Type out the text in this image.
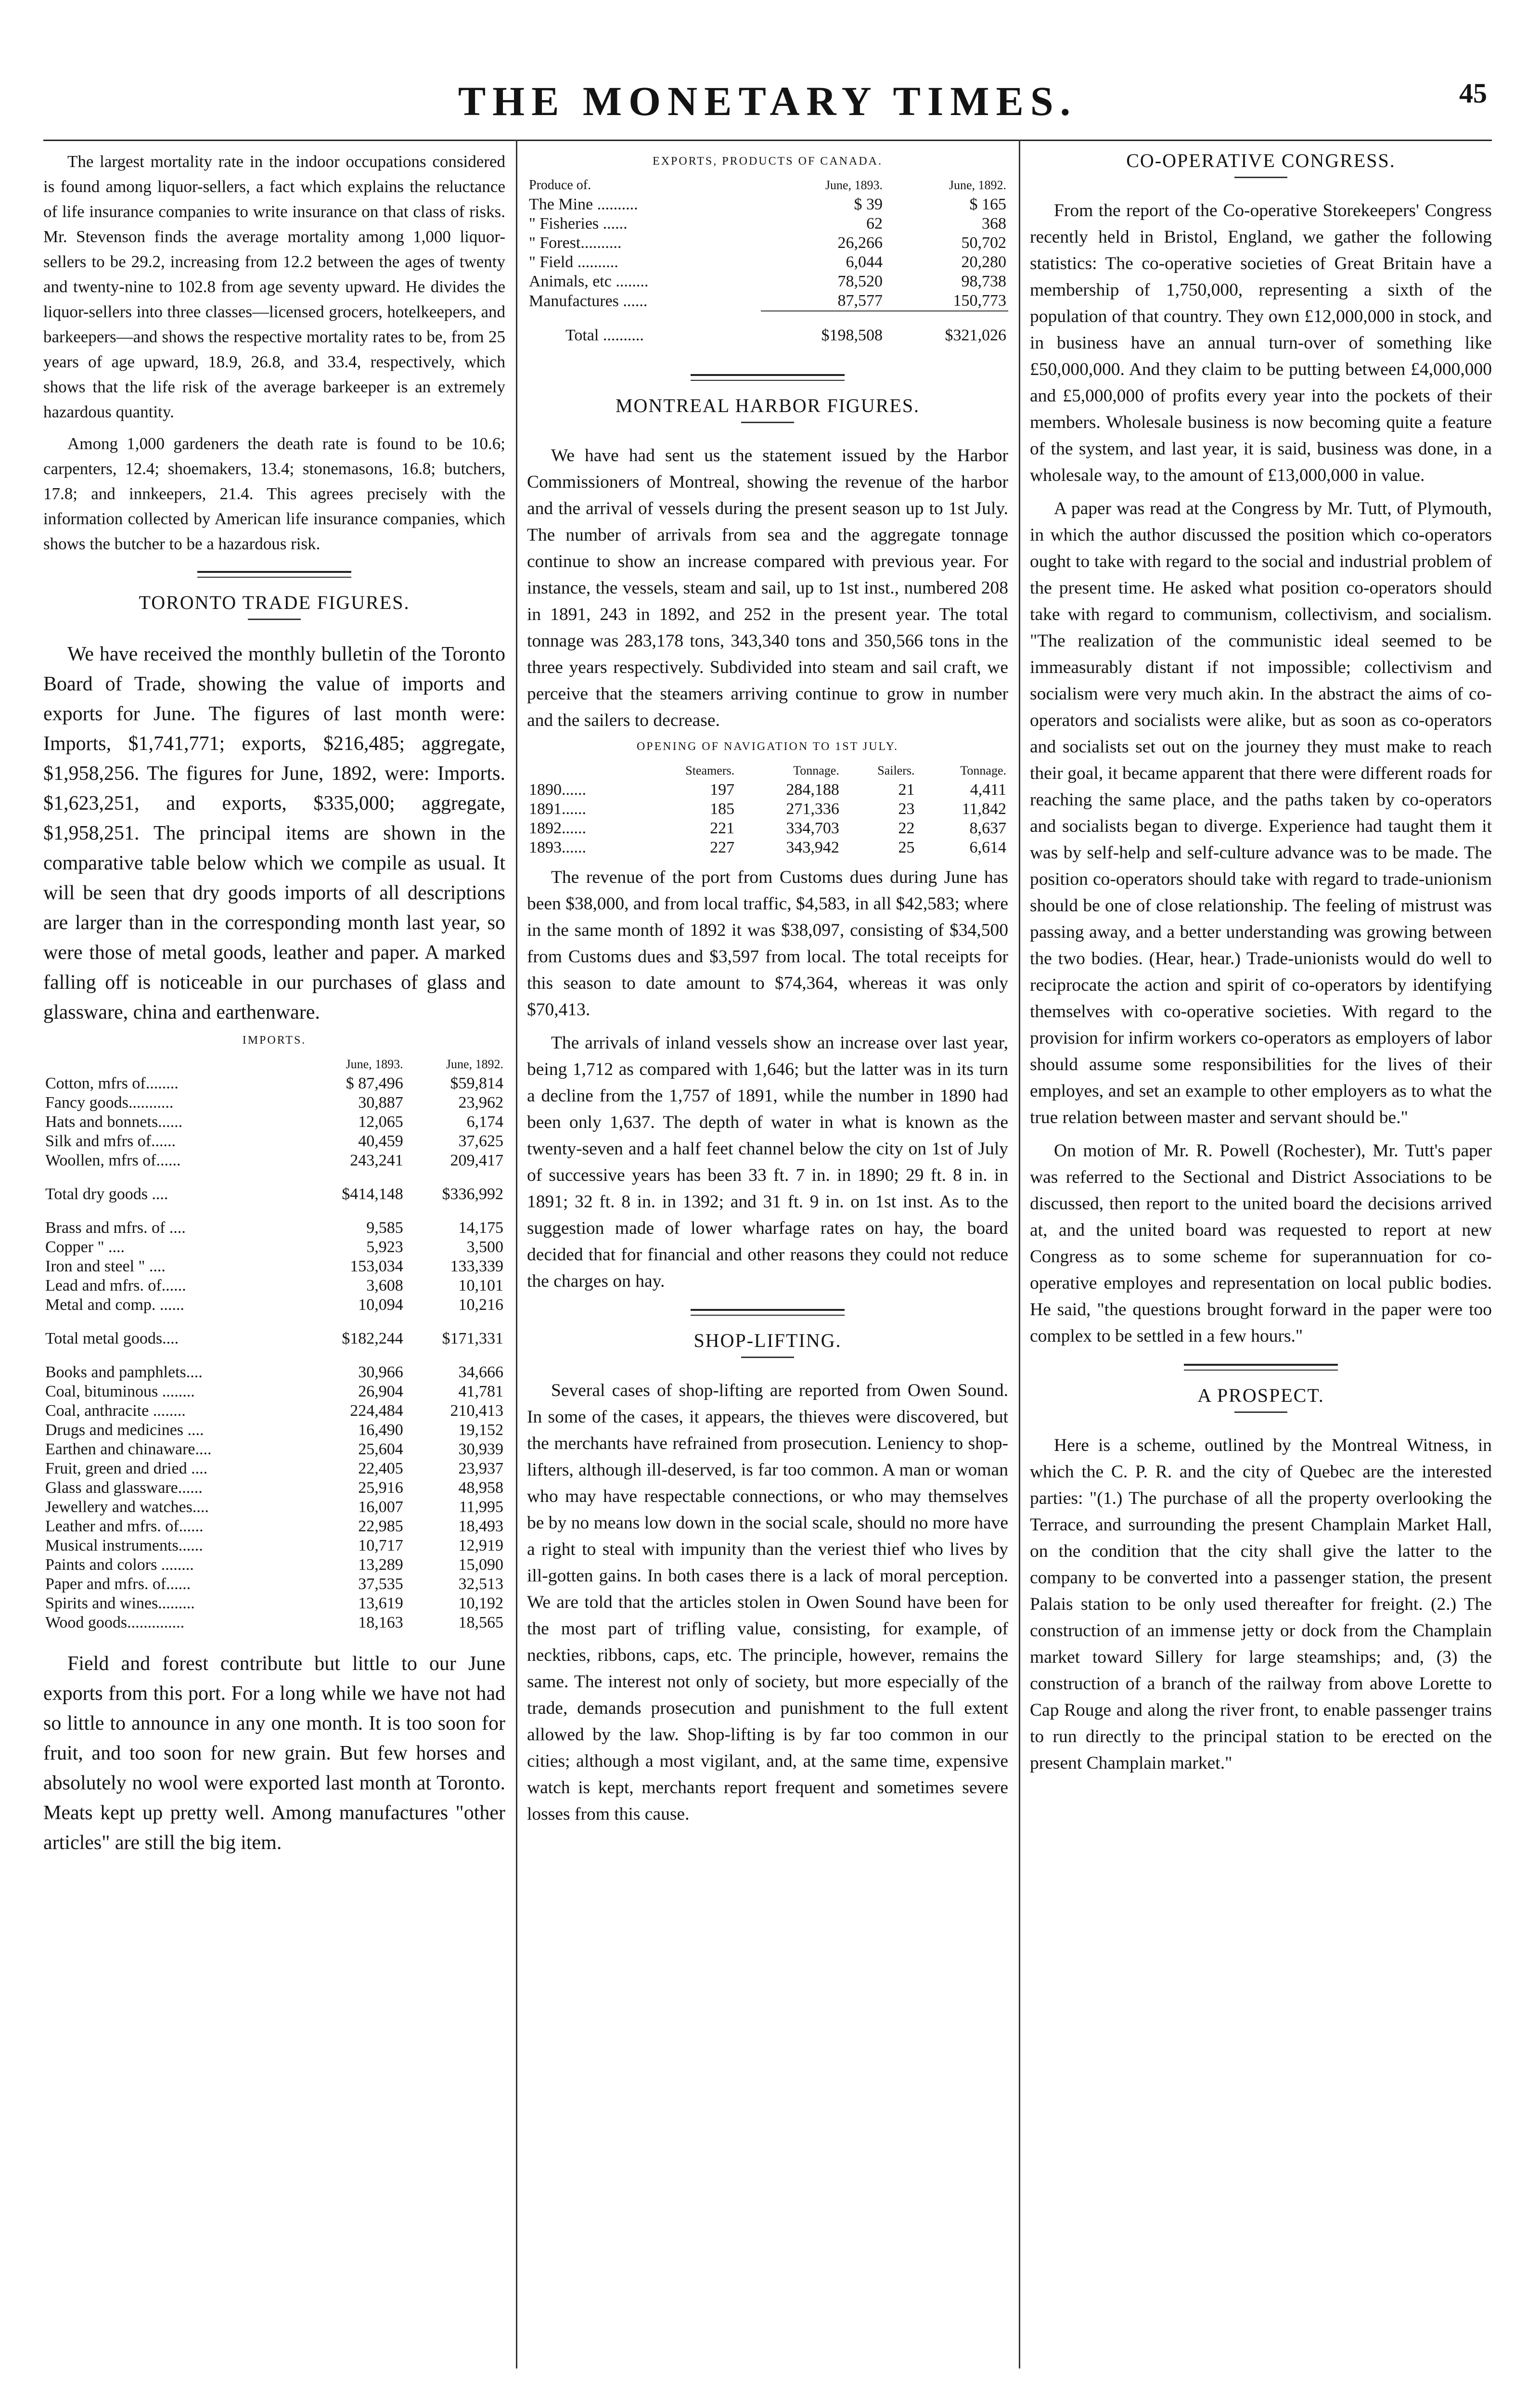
THE MONETARY TIMES.	45

The largest mortality rate in the indoor occupations considered is found among liquor-sellers, a fact which explains the reluctance of life insurance companies to write insurance on that class of risks. Mr. Stevenson finds the average mortality among 1,000 liquor-sellers to be 29.2, increasing from 12.2 between the ages of twenty and twenty-nine to 102.8 from age seventy upward. He divides the liquor-sellers into three classes—licensed grocers, hotelkeepers, and barkeepers—and shows the respective mortality rates to be, from 25 years of age upward, 18.9, 26.8, and 33.4, respectively, which shows that the life risk of the average barkeeper is an extremely hazardous quantity.

Among 1,000 gardeners the death rate is found to be 10.6; carpenters, 12.4; shoemakers, 13.4; stonemasons, 16.8; butchers, 17.8; and innkeepers, 21.4. This agrees precisely with the information collected by American life insurance companies, which shows the butcher to be a hazardous risk.

TORONTO TRADE FIGURES.

We have received the monthly bulletin of the Toronto Board of Trade, showing the value of imports and exports for June. The figures of last month were: Imports, $1,741,771; exports, $216,485; aggregate, $1,958,256. The figures for June, 1892, were: Imports. $1,623,251, and exports, $335,000; aggregate, $1,958,251. The principal items are shown in the comparative table below which we compile as usual. It will be seen that dry goods imports of all descriptions are larger than in the corresponding month last year, so were those of metal goods, leather and paper. A marked falling off is noticeable in our purchases of glass and glassware, china and earthenware.

IMPORTS.
	June, 1893.	June, 1892.
Cotton, mfrs of........	$ 87,496	$59,814
Fancy goods...........	30,887	23,962
Hats and bonnets......	12,065	6,174
Silk and mfrs of......	40,459	37,625
Woollen, mfrs of......	243,241	209,417
Total dry goods ....	$414,148	$336,992
Brass and mfrs. of ....	9,585	14,175
Copper " ....	5,923	3,500
Iron and steel " ....	153,034	133,339
Lead and mfrs. of......	3,608	10,101
Metal and comp. ......	10,094	10,216
Total metal goods....	$182,244	$171,331
Books and pamphlets....	30,966	34,666
Coal, bituminous ........	26,904	41,781
Coal, anthracite ........	224,484	210,413
Drugs and medicines ....	16,490	19,152
Earthen and chinaware....	25,604	30,939
Fruit, green and dried ....	22,405	23,937
Glass and glassware......	25,916	48,958
Jewellery and watches....	16,007	11,995
Leather and mfrs. of......	22,985	18,493
Musical instruments......	10,717	12,919
Paints and colors ........	13,289	15,090
Paper and mfrs. of......	37,535	32,513
Spirits and wines.........	13,619	10,192
Wood goods..............	18,163	18,565

Field and forest contribute but little to our June exports from this port. For a long while we have not had so little to announce in any one month. It is too soon for fruit, and too soon for new grain. But few horses and absolutely no wool were exported last month at Toronto. Meats kept up pretty well. Among manufactures "other articles" are still the big item.

EXPORTS, PRODUCTS OF CANADA.
Produce of.	June, 1893.	June, 1892.
The Mine ..........	$ 39	$ 165
" Fisheries ......	62	368
" Forest..........	26,266	50,702
" Field ..........	6,044	20,280
Animals, etc ........	78,520	98,738
Manufactures ......	87,577	150,773
Total ..........	$198,508	$321,026
MONTREAL HARBOR FIGURES.

We have had sent us the statement issued by the Harbor Commissioners of Montreal, showing the revenue of the harbor and the arrival of vessels during the present season up to 1st July. The number of arrivals from sea and the aggregate tonnage continue to show an increase compared with previous year. For instance, the vessels, steam and sail, up to 1st inst., numbered 208 in 1891, 243 in 1892, and 252 in the present year. The total tonnage was 283,178 tons, 343,340 tons and 350,566 tons in the three years respectively. Subdivided into steam and sail craft, we perceive that the steamers arriving continue to grow in number and the sailers to decrease.

OPENING OF NAVIGATION TO 1ST JULY.
	Steamers.	Tonnage.	Sailers.	Tonnage.
1890......	197	284,188	21	4,411
1891......	185	271,336	23	11,842
1892......	221	334,703	22	8,637
1893......	227	343,942	25	6,614

The revenue of the port from Customs dues during June has been $38,000, and from local traffic, $4,583, in all $42,583; where in the same month of 1892 it was $38,097, consisting of $34,500 from Customs dues and $3,597 from local. The total receipts for this season to date amount to $74,364, whereas it was only $70,413.

The arrivals of inland vessels show an increase over last year, being 1,712 as compared with 1,646; but the latter was in its turn a decline from the 1,757 of 1891, while the number in 1890 had been only 1,637. The depth of water in what is known as the twenty-seven and a half feet channel below the city on 1st of July of successive years has been 33 ft. 7 in. in 1890; 29 ft. 8 in. in 1891; 32 ft. 8 in. in 1392; and 31 ft. 9 in. on 1st inst. As to the suggestion made of lower wharfage rates on hay, the board decided that for financial and other reasons they could not reduce the charges on hay.

SHOP-LIFTING.

Several cases of shop-lifting are reported from Owen Sound. In some of the cases, it appears, the thieves were discovered, but the merchants have refrained from prosecution. Leniency to shop-lifters, although ill-deserved, is far too common. A man or woman who may have respectable connections, or who may themselves be by no means low down in the social scale, should no more have a right to steal with impunity than the veriest thief who lives by ill-gotten gains. In both cases there is a lack of moral perception. We are told that the articles stolen in Owen Sound have been for the most part of trifling value, consisting, for example, of neckties, ribbons, caps, etc. The principle, however, remains the same. The interest not only of society, but more especially of the trade, demands prosecution and punishment to the full extent allowed by the law. Shop-lifting is by far too common in our cities; although a most vigilant, and, at the same time, expensive watch is kept, merchants report frequent and sometimes severe losses from this cause.

CO-OPERATIVE CONGRESS.

From the report of the Co-operative Storekeepers' Congress recently held in Bristol, England, we gather the following statistics: The co-operative societies of Great Britain have a membership of 1,750,000, representing a sixth of the population of that country. They own £12,000,000 in stock, and in business have an annual turn-over of something like £50,000,000. And they claim to be putting between £4,000,000 and £5,000,000 of profits every year into the pockets of their members. Wholesale business is now becoming quite a feature of the system, and last year, it is said, business was done, in a wholesale way, to the amount of £13,000,000 in value.

A paper was read at the Congress by Mr. Tutt, of Plymouth, in which the author discussed the position which co-operators ought to take with regard to the social and industrial problem of the present time. He asked what position co-operators should take with regard to communism, collectivism, and socialism. "The realization of the communistic ideal seemed to be immeasurably distant if not impossible; collectivism and socialism were very much akin. In the abstract the aims of co-operators and socialists were alike, but as soon as co-operators and socialists set out on the journey they must make to reach their goal, it became apparent that there were different roads for reaching the same place, and the paths taken by co-operators and socialists began to diverge. Experience had taught them it was by self-help and self-culture advance was to be made. The position co-operators should take with regard to trade-unionism should be one of close relationship. The feeling of mistrust was passing away, and a better understanding was growing between the two bodies. (Hear, hear.) Trade-unionists would do well to reciprocate the action and spirit of co-operators by identifying themselves with co-operative societies. With regard to the provision for infirm workers co-operators as employers of labor should assume some responsibilities for the lives of their employes, and set an example to other employers as to what the true relation between master and servant should be."

On motion of Mr. R. Powell (Rochester), Mr. Tutt's paper was referred to the Sectional and District Associations to be discussed, then report to the united board the decisions arrived at, and the united board was requested to report at new Congress as to some scheme for superannuation for co-operative employes and representation on local public bodies. He said, "the questions brought forward in the paper were too complex to be settled in a few hours."

A PROSPECT.

Here is a scheme, outlined by the Montreal Witness, in which the C. P. R. and the city of Quebec are the interested parties: "(1.) The purchase of all the property overlooking the Terrace, and surrounding the present Champlain Market Hall, on the condition that the city shall give the latter to the company to be converted into a passenger station, the present Palais station to be only used thereafter for freight. (2.) The construction of an immense jetty or dock from the Champlain market toward Sillery for large steamships; and, (3) the construction of a branch of the railway from above Lorette to Cap Rouge and along the river front, to enable passenger trains to run directly to the principal station to be erected on the present Champlain market."
